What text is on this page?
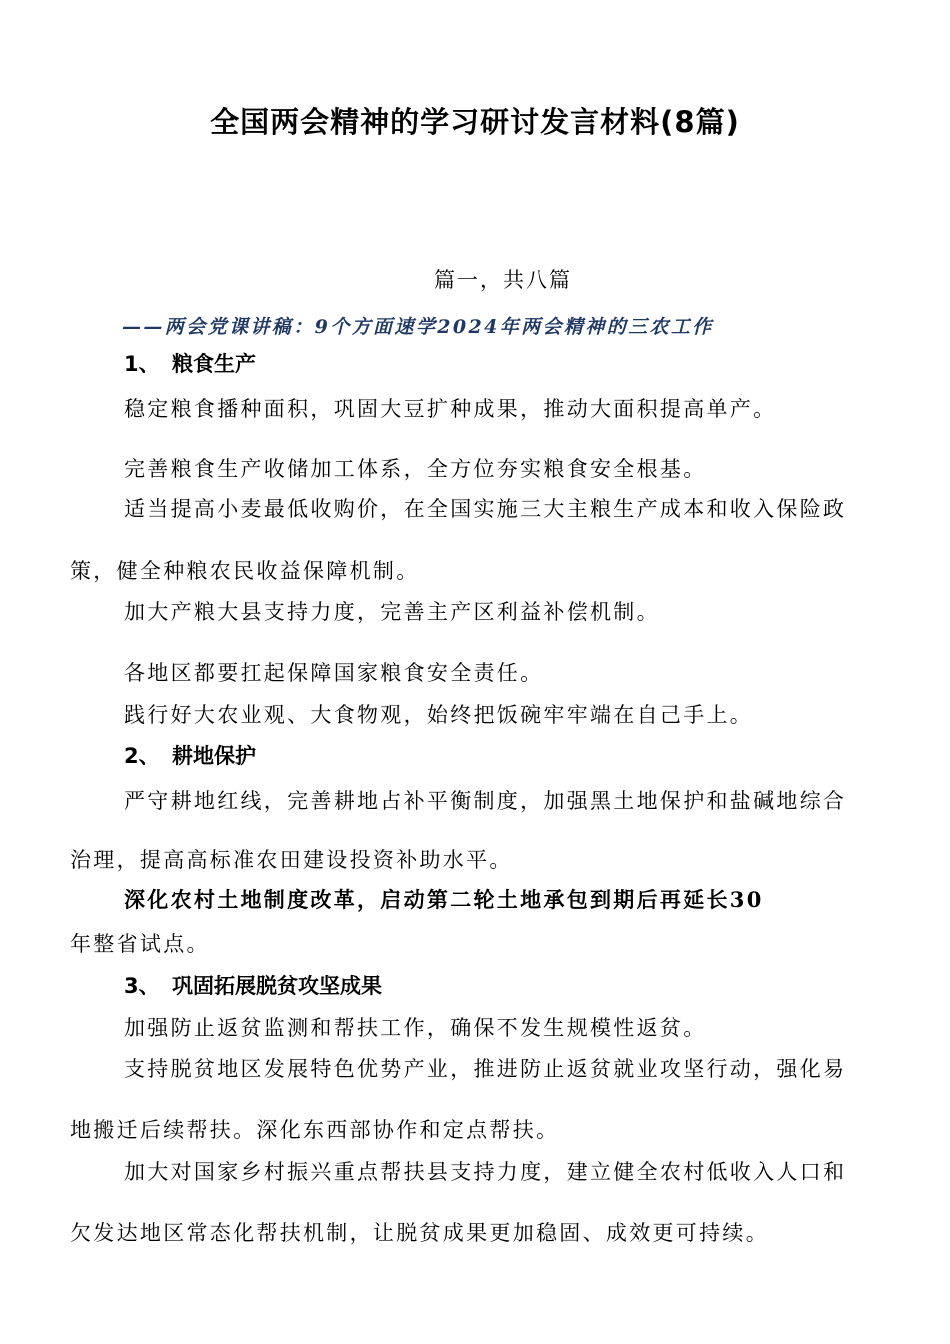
全国两会精神的学习研讨发言材料(8篇)
篇一，共八篇
——两会党课讲稿：9个方面速学2024年两会精神的三农工作
1、 粮食生产

稳定粮食播种面积，巩固大豆扩种成果，推动大面积提高单产。

完善粮食生产收储加工体系，全方位夯实粮食安全根基。

适当提高小麦最低收购价，在全国实施三大主粮生产成本和收入保险政

策，健全种粮农民收益保障机制。

加大产粮大县支持力度，完善主产区利益补偿机制。

各地区都要扛起保障国家粮食安全责任。

践行好大农业观、大食物观，始终把饭碗牢牢端在自己手上。

2、 耕地保护

严守耕地红线，完善耕地占补平衡制度，加强黑土地保护和盐碱地综合

治理，提高高标准农田建设投资补助水平。

深化农村土地制度改革，启动第二轮土地承包到期后再延长30

年整省试点。

3、 巩固拓展脱贫攻坚成果

加强防止返贫监测和帮扶工作，确保不发生规模性返贫。

支持脱贫地区发展特色优势产业，推进防止返贫就业攻坚行动，强化易

地搬迁后续帮扶。深化东西部协作和定点帮扶。

加大对国家乡村振兴重点帮扶县支持力度，建立健全农村低收入人口和

欠发达地区常态化帮扶机制，让脱贫成果更加稳固、成效更可持续。
